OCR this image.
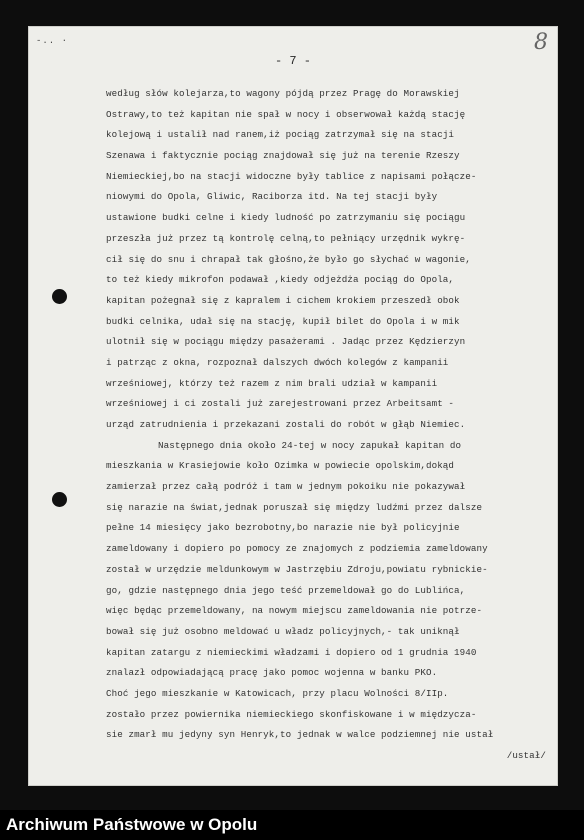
-.. ·	8
- 7 -
według słów kolejarza,to wagony pójdą przez Pragę do Morawskiej
Ostrawy,to też kapitan nie spał w nocy i obserwował każdą stację
kolejową i ustalił nad ranem,iż pociąg zatrzymał się na stacji
Szenawa i faktycznie pociąg znajdował się już na terenie Rzeszy
Niemieckiej,bo na stacji widoczne były tablice z napisami połącze-
niowymi do Opola, Gliwic, Raciborza itd. Na tej stacji były
ustawione budki celne i kiedy ludność po zatrzymaniu się pociągu
przeszła już przez tą kontrolę celną,to pełniący urzędnik wykrę-
cił się do snu i chrapał tak głośno,że było go słychać w wagonie,
to też kiedy mikrofon podawał ,kiedy odjeżdża pociąg do Opola,
kapitan pożegnał się z kapralem i cichem krokiem przeszedł obok
budki celnika, udał się na stację, kupił bilet do Opola i w mik
ulotnił się w pociągu między pasażerami . Jadąc przez Kędzierzyn
i patrząc z okna, rozpoznał dalszych dwóch kolegów z kampanii
wrześniowej, którzy też razem z nim brali udział w kampanii
wrześniowej i ci zostali już zarejestrowani przez Arbeitsamt -
urząd zatrudnienia i przekazani zostali do robót w głąb Niemiec.
Następnego dnia około 24-tej w nocy zapukał kapitan do
mieszkania w Krasiejowie koło Ozimka w powiecie opolskim,dokąd
zamierzał przez całą podróż i tam w jednym pokoiku nie pokazywał
się narazie na świat,jednak poruszał się między ludźmi przez dalsze
pełne 14 miesięcy jako bezrobotny,bo narazie nie był policyjnie
zameldowany i dopiero po pomocy ze znajomych z podziemia zameldowany
został w urzędzie meldunkowym w Jastrzębiu Zdroju,powiatu rybnickie-
go, gdzie następnego dnia jego teść przemeldował go do Lublińca,
więc będąc przemeldowany, na nowym miejscu zameldowania nie potrze-
bował się już osobno meldować u władz policyjnych,- tak uniknął
kapitan zatargu z niemieckimi władzami i dopiero od 1 grudnia 1940
znalazł odpowiadającą pracę jako pomoc wojenna w banku PKO.
Choć jego mieszkanie w Katowicach, przy placu Wolności 8/IIp.
zostało przez powiernika niemieckiego skonfiskowane i w międzycza-
sie zmarł mu jedyny syn Henryk,to jednak w walce podziemnej nie ustał
/ustał/
Archiwum Państwowe w Opolu
